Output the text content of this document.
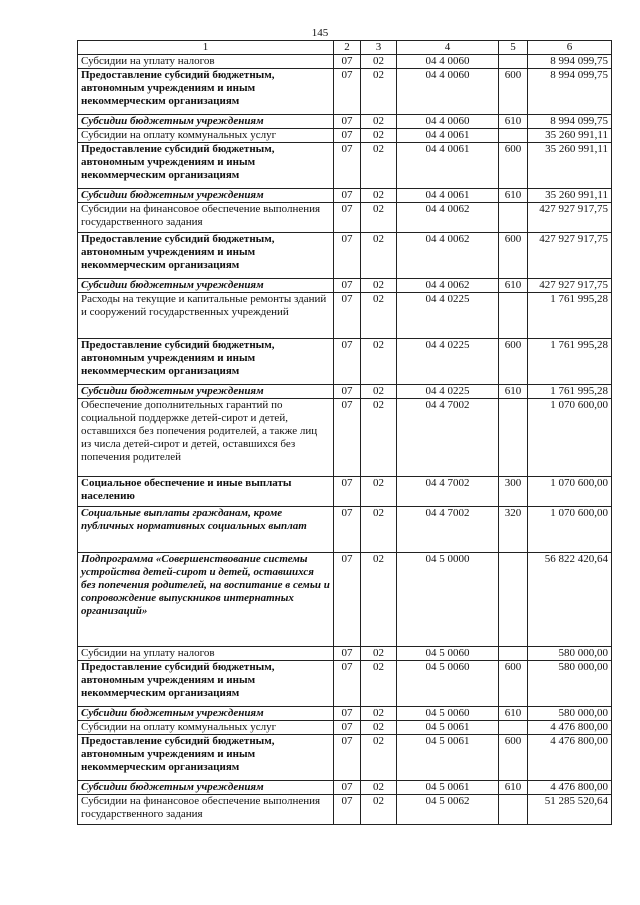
145
1	2	3	4	5	6
Субсидии на уплату налогов	07	02	04 4 0060		8 994 099,75
Предоставление субсидий бюджетным, автономным учреждениям и иным некоммерческим организациям	07	02	04 4 0060	600	8 994 099,75
Субсидии бюджетным учреждениям	07	02	04 4 0060	610	8 994 099,75
Субсидии на оплату коммунальных услуг	07	02	04 4 0061		35 260 991,11
Предоставление субсидий бюджетным, автономным учреждениям и иным некоммерческим организациям	07	02	04 4 0061	600	35 260 991,11
Субсидии бюджетным учреждениям	07	02	04 4 0061	610	35 260 991,11
Субсидии на финансовое обеспечение выполнения государственного задания	07	02	04 4 0062		427 927 917,75
Предоставление субсидий бюджетным, автономным учреждениям и иным некоммерческим организациям	07	02	04 4 0062	600	427 927 917,75
Субсидии бюджетным учреждениям	07	02	04 4 0062	610	427 927 917,75
Расходы на текущие и капитальные ремонты зданий и сооружений государственных учреждений	07	02	04 4 0225		1 761 995,28
Предоставление субсидий бюджетным, автономным учреждениям и иным некоммерческим организациям	07	02	04 4 0225	600	1 761 995,28
Субсидии бюджетным учреждениям	07	02	04 4 0225	610	1 761 995,28
Обеспечение дополнительных гарантий по социальной поддержке детей-сирот и детей, оставшихся без попечения родителей, а также лиц из числа детей-сирот и детей, оставшихся без попечения родителей	07	02	04 4 7002		1 070 600,00
Социальное обеспечение и иные выплаты населению	07	02	04 4 7002	300	1 070 600,00
Социальные выплаты гражданам, кроме публичных нормативных социальных выплат	07	02	04 4 7002	320	1 070 600,00
Подпрограмма «Совершенствование системы устройства детей-сирот и детей, оставшихся без попечения родителей, на воспитание в семьи и сопровождение выпускников интернатных организаций»	07	02	04 5 0000		56 822 420,64
Субсидии на уплату налогов	07	02	04 5 0060		580 000,00
Предоставление субсидий бюджетным, автономным учреждениям и иным некоммерческим организациям	07	02	04 5 0060	600	580 000,00
Субсидии бюджетным учреждениям	07	02	04 5 0060	610	580 000,00
Субсидии на оплату коммунальных услуг	07	02	04 5 0061		4 476 800,00
Предоставление субсидий бюджетным, автономным учреждениям и иным некоммерческим организациям	07	02	04 5 0061	600	4 476 800,00
Субсидии бюджетным учреждениям	07	02	04 5 0061	610	4 476 800,00
Субсидии на финансовое обеспечение выполнения государственного задания	07	02	04 5 0062		51 285 520,64
